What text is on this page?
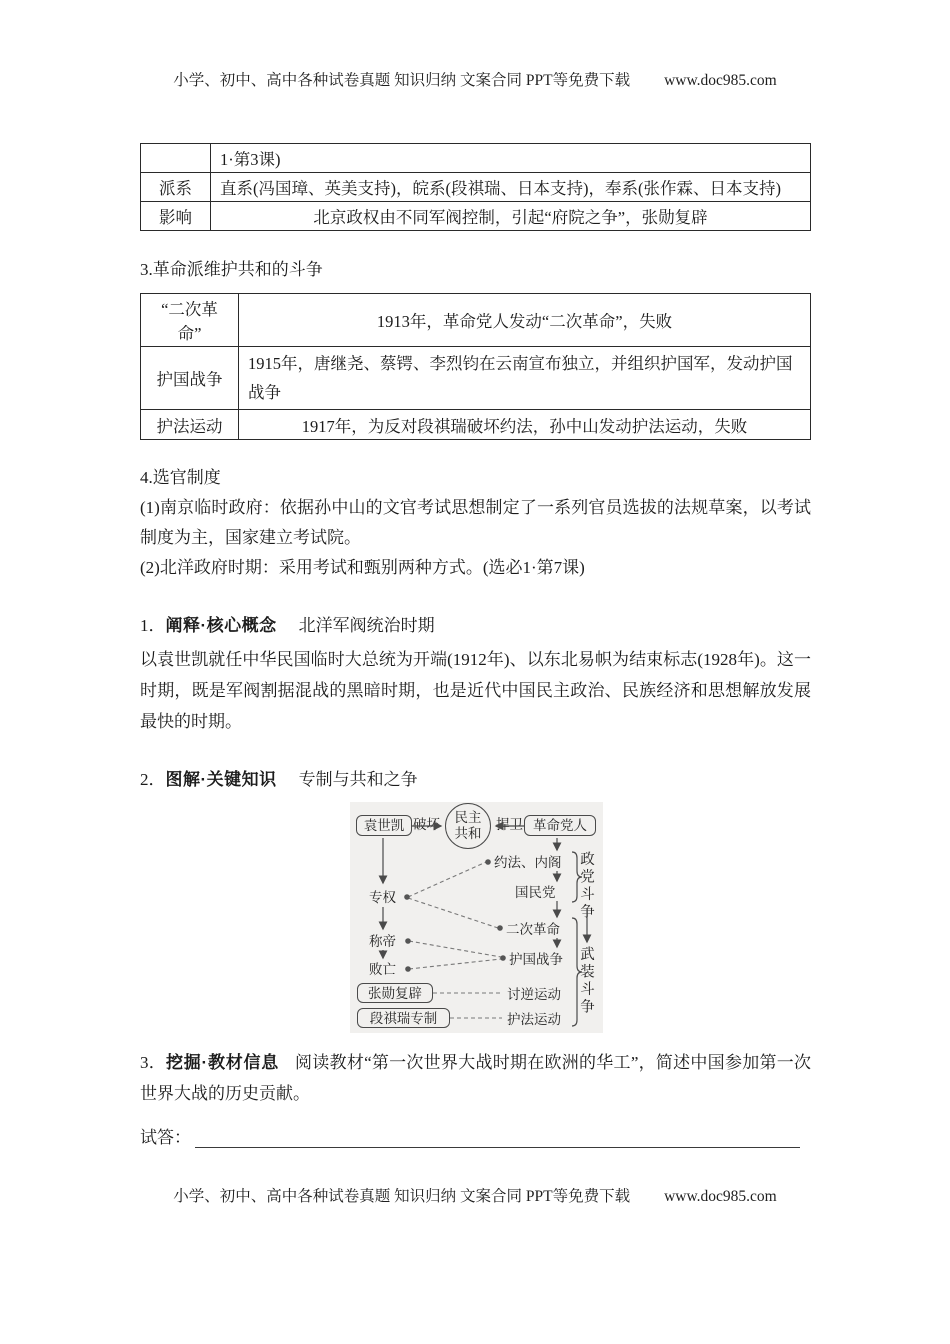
小学、初中、高中各种试卷真题 知识归纳 文案合同 PPT等免费下载 www.doc985.com
	1·第3课)
派系	直系(冯国璋、英美支持)，皖系(段祺瑞、日本支持)，奉系(张作霖、日本支持)
影响	北京政权由不同军阀控制，引起“府院之争”，张勋复辟

3.革命派维护共和的斗争

“二次革命”	1913年，革命党人发动“二次革命”，失败
护国战争	1915年，唐继尧、蔡锷、李烈钧在云南宣布独立，并组织护国军，发动护国战争
护法运动	1917年，为反对段祺瑞破坏约法，孙中山发动护法运动，失败

4.选官制度

(1)南京临时政府：依据孙中山的文官考试思想制定了一系列官员选拔的法规草案，以考试制度为主，国家建立考试院。

(2)北洋政府时期：采用考试和甄别两种方式。(选必1·第7课)

1．阐释·核心概念 北洋军阀统治时期

以袁世凯就任中华民国临时大总统为开端(1912年)、以东北易帜为结束标志(1928年)。这一时期，既是军阀割据混战的黑暗时期，也是近代中国民主政治、民族经济和思想解放发展最快的时期。

2．图解·关键知识 专制与共和之争

袁世凯 破坏 民主
共和
捍卫 革命党人
专权
称帝
败亡
张勋复辟
段祺瑞专制
约法、内阁
国民党
二次革命
护国战争
讨逆运动
护法运动
政党斗争
武装斗争

3．挖掘·教材信息 阅读教材“第一次世界大战时期在欧洲的华工”，简述中国参加第一次世界大战的历史贡献。

试答：
小学、初中、高中各种试卷真题 知识归纳 文案合同 PPT等免费下载 www.doc985.com
